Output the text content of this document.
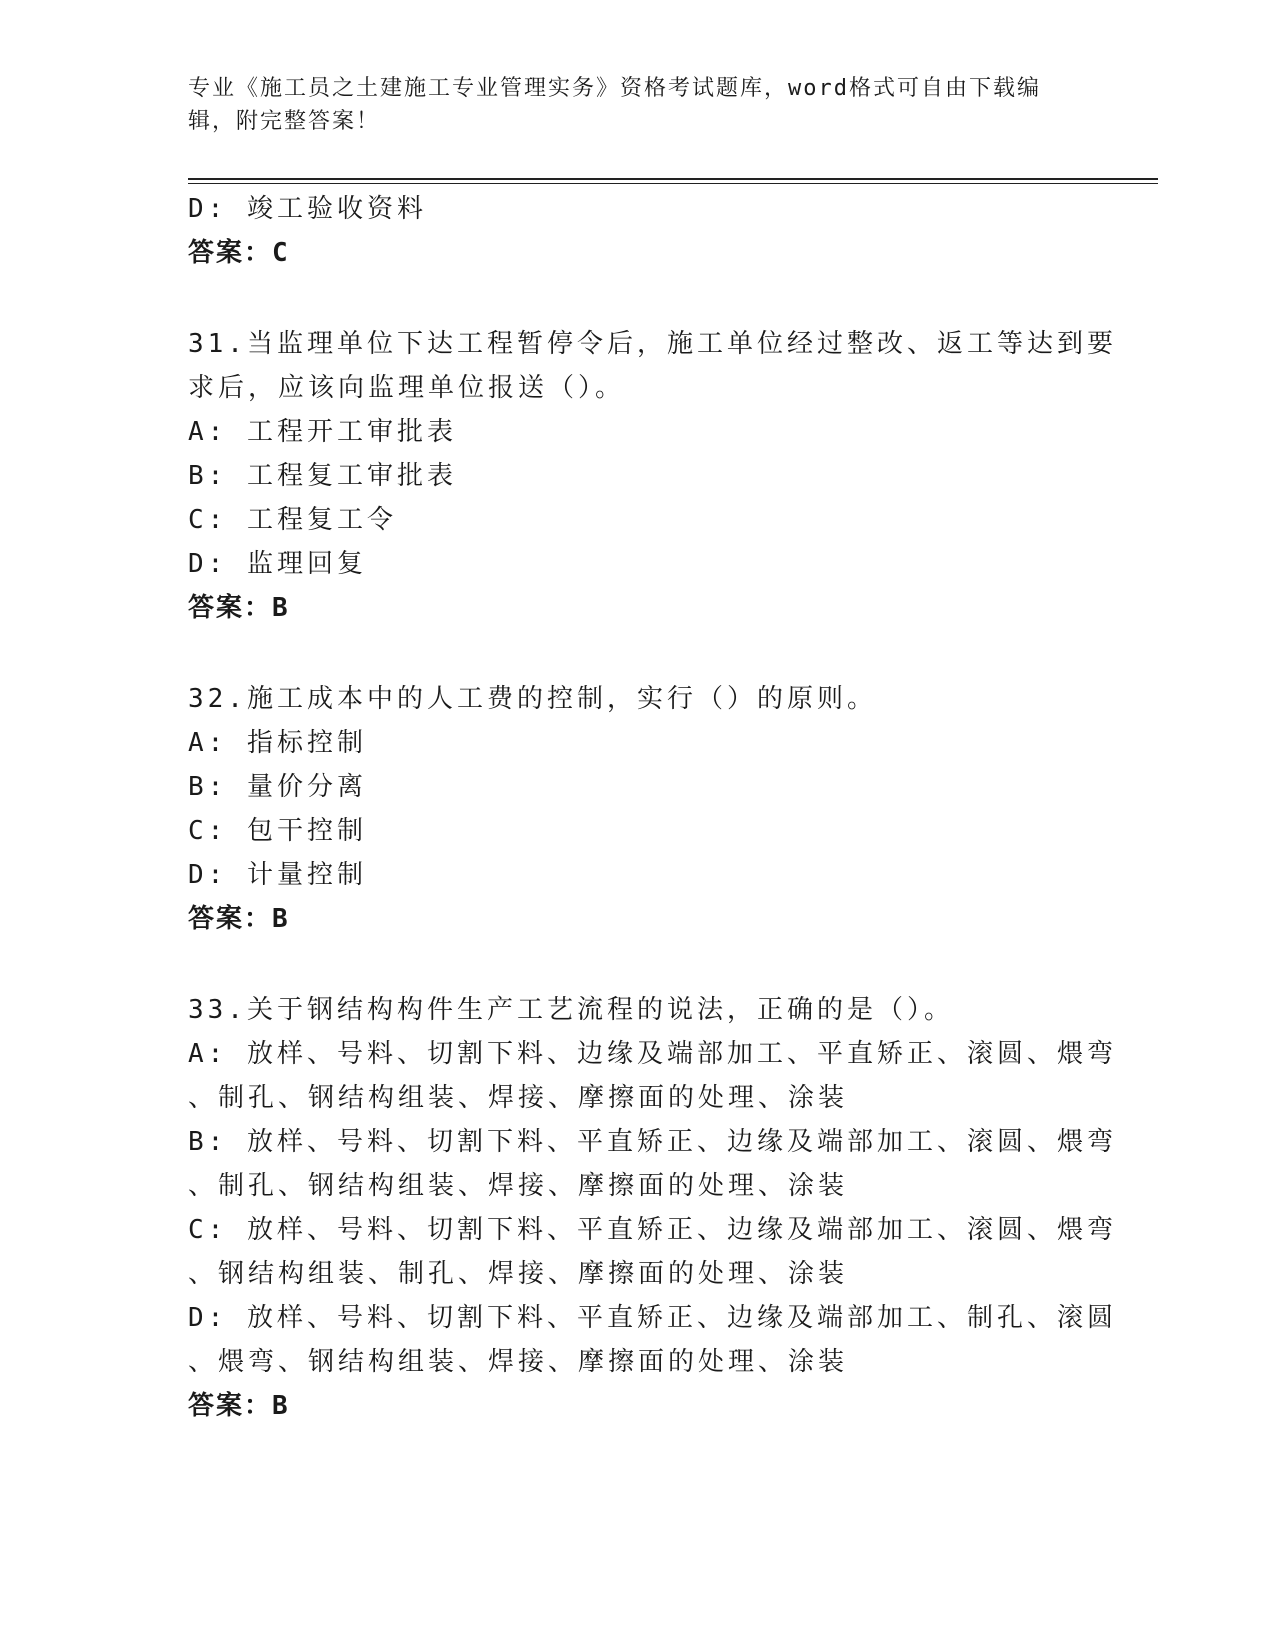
专业《施工员之土建施工专业管理实务》资格考试题库，word格式可自由下载编辑，附完整答案！
D: 竣工验收资料
答案：C
31.当监理单位下达工程暂停令后，施工单位经过整改、返工等达到要
求后，应该向监理单位报送（）。
A: 工程开工审批表
B: 工程复工审批表
C: 工程复工令
D: 监理回复
答案：B
32.施工成本中的人工费的控制，实行（）的原则。
A: 指标控制
B: 量价分离
C: 包干控制
D: 计量控制
答案：B
33.关于钢结构构件生产工艺流程的说法，正确的是（）。
A: 放样、号料、切割下料、边缘及端部加工、平直矫正、滚圆、煨弯
、制孔、钢结构组装、焊接、摩擦面的处理、涂装
B: 放样、号料、切割下料、平直矫正、边缘及端部加工、滚圆、煨弯
、制孔、钢结构组装、焊接、摩擦面的处理、涂装
C: 放样、号料、切割下料、平直矫正、边缘及端部加工、滚圆、煨弯
、钢结构组装、制孔、焊接、摩擦面的处理、涂装
D: 放样、号料、切割下料、平直矫正、边缘及端部加工、制孔、滚圆
、煨弯、钢结构组装、焊接、摩擦面的处理、涂装
答案：B
